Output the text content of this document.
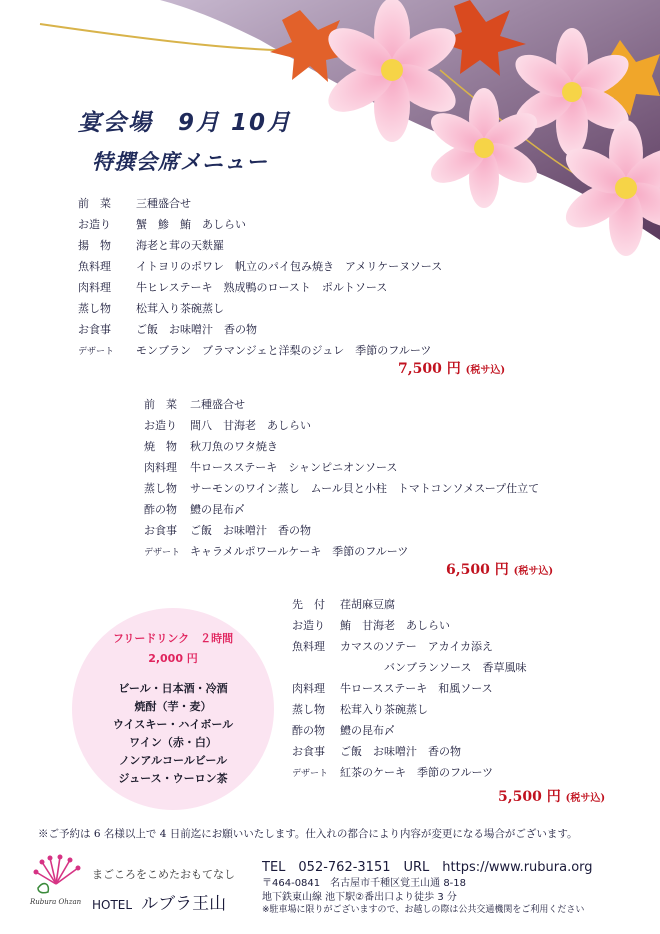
宴会場　9月 10月
特撰会席メニュー
前　菜 三種盛合せ
お造り 蟹　鯵　鮪　あしらい
揚　物 海老と茸の天麩羅
魚料理 イトヨリのポワレ　帆立のパイ包み焼き　アメリケーヌソース
肉料理 牛ヒレステーキ　熟成鴨のロースト　ポルトソース
蒸し物 松茸入り茶碗蒸し
お食事 ご飯　お味噌汁　香の物
デザート モンブラン　ブラマンジェと洋梨のジュレ　季節のフルーツ
7,500 円 (税サ込)
前　菜 二種盛合せ
お造り 間八　甘海老　あしらい
焼　物 秋刀魚のワタ焼き
肉料理 牛ロースステーキ　シャンピニオンソース
蒸し物 サーモンのワイン蒸し　ムール貝と小柱　トマトコンソメスープ仕立て
酢の物 鱧の昆布〆
お食事 ご飯　お味噌汁　香の物
デザート キャラメルポワールケーキ　季節のフルーツ
6,500 円 (税サ込)
フリードリンク　２時間
2,000 円
ビール・日本酒・冷酒
焼酎（芋・麦）
ウイスキー・ハイボール
ワイン（赤・白）
ノンアルコールビール
ジュース・ウーロン茶
先　付 荏胡麻豆腐
お造り 鮪　甘海老　あしらい
魚料理 カマスのソテー　アカイカ添え
　　　　バンブランソース　香草風味
肉料理 牛ロースステーキ　和風ソース
蒸し物 松茸入り茶碗蒸し
酢の物 鱧の昆布〆
お食事 ご飯　お味噌汁　香の物
デザート 紅茶のケーキ　季節のフルーツ
5,500 円 (税サ込)
※ご予約は 6 名様以上で 4 日前迄にお願いいたします。仕入れの都合により内容が変更になる場合がございます。
Rubura Ohzan
まごころをこめたおもてなし
HOTEL ルブラ王山
TEL　052-762-3151　URL　https://www.rubura.org
〒464-0841　名古屋市千種区覚王山通 8-18
地下鉄東山線 池下駅②番出口より徒歩 3 分
※駐車場に限りがございますので、お越しの際は公共交通機関をご利用ください
